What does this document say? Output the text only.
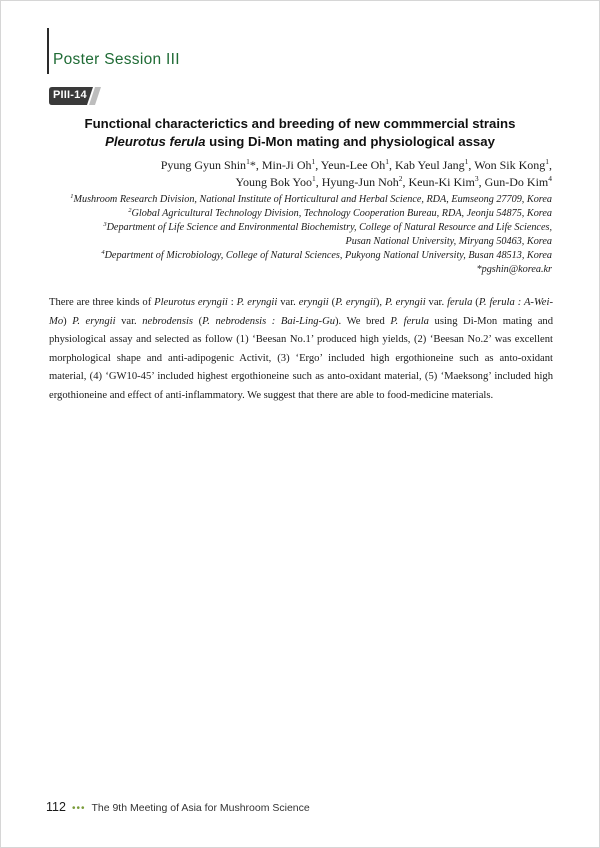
Poster Session III
PIII-14
Functional characterictics and breeding of new commmercial strains
Pleurotus ferula using Di-Mon mating and physiological assay
Pyung Gyun Shin$^1$*, Min-Ji Oh$^1$, Yeun-Lee Oh$^1$, Kab Yeul Jang$^1$, Won Sik Kong$^1$,
Young Bok Yoo$^1$, Hyung-Jun Noh$^2$, Keun-Ki Kim$^3$, Gun-Do Kim$^4$
$^1$Mushroom Research Division, National Institute of Horticultural and Herbal Science, RDA, Eumseong 27709, Korea
$^2$Global Agricultural Technology Division, Technology Cooperation Bureau, RDA, Jeonju 54875, Korea
$^3$Department of Life Science and Environmental Biochemistry, College of Natural Resource and Life Sciences,
Pusan National University, Miryang 50463, Korea
$^4$Department of Microbiology, College of Natural Sciences, Pukyong National University, Busan 48513, Korea
*pgshin@korea.kr
There are three kinds of Pleurotus eryngii : P. eryngii var. eryngii (P. eryngii), P. eryngii var. ferula (P. ferula : A-Wei-Mo) P. eryngii var. nebrodensis (P. nebrodensis : Bai-Ling-Gu). We bred P. ferula using Di-Mon mating and physiological assay and selected as follow (1) ‘Beesan No.1’ produced high yields, (2) ‘Beesan No.2’ was excellent morphological shape and anti-adipogenic Activit, (3) ‘Ergo’ included high ergothioneine such as anto-oxidant material, (4) ‘GW10-45’ included highest ergothioneine such as anto-oxidant material, (5) ‘Maeksong’ included high ergothioneine and effect of anti-inflammatory. We suggest that there are able to food-medicine materials.
112 ••• The 9th Meeting of Asia for Mushroom Science
